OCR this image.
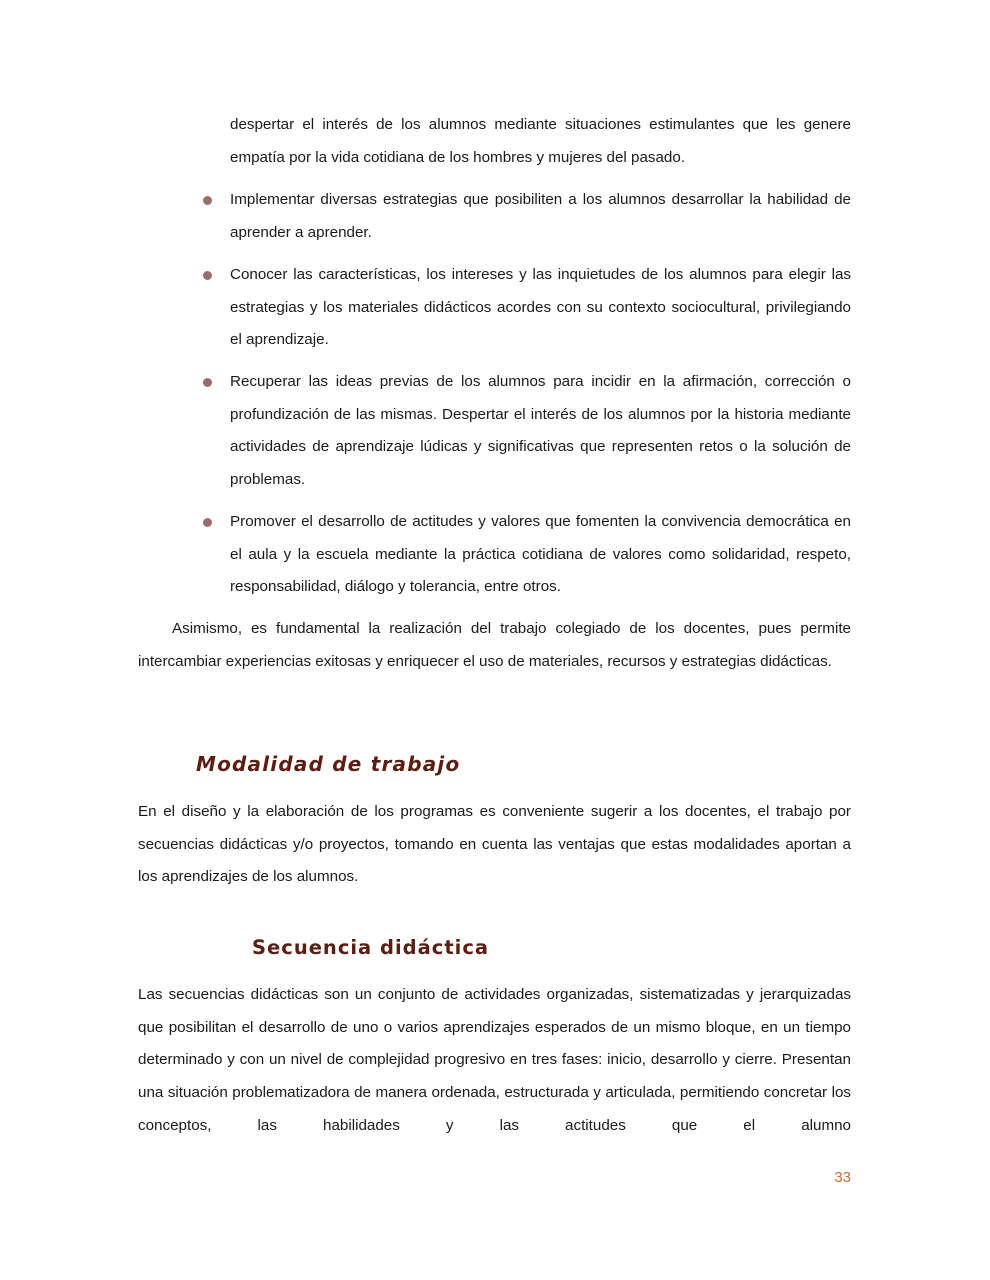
despertar el interés de los alumnos mediante situaciones estimulantes que les genere empatía por la vida cotidiana de los hombres y mujeres del pasado.

Implementar diversas estrategias que posibiliten a los alumnos desarrollar la habilidad de aprender a aprender.
Conocer las características, los intereses y las inquietudes de los alumnos para elegir las estrategias y los materiales didácticos acordes con su contexto sociocultural, privilegiando el aprendizaje.
Recuperar las ideas previas de los alumnos para incidir en la afirmación, corrección o profundización de las mismas. Despertar el interés de los alumnos por la historia mediante actividades de aprendizaje lúdicas y significativas que representen retos o la solución de problemas.
Promover el desarrollo de actitudes y valores que fomenten la convivencia democrática en el aula y la escuela mediante la práctica cotidiana de valores como solidaridad, respeto, responsabilidad, diálogo y tolerancia, entre otros.

Asimismo, es fundamental la realización del trabajo colegiado de los docentes, pues permite intercambiar experiencias exitosas y enriquecer el uso de materiales, recursos y estrategias didácticas.

Modalidad de trabajo

En el diseño y la elaboración de los programas es conveniente sugerir a los docentes, el trabajo por secuencias didácticas y/o proyectos, tomando en cuenta las ventajas que estas modalidades aportan a los aprendizajes de los alumnos.

Secuencia didáctica

Las secuencias didácticas son un conjunto de actividades organizadas, sistematizadas y jerarquizadas que posibilitan el desarrollo de uno o varios aprendizajes esperados de un mismo bloque, en un tiempo determinado y con un nivel de complejidad progresivo en tres fases: inicio, desarrollo y cierre. Presentan una situación problematizadora de manera ordenada, estructurada y articulada, permitiendo concretar los conceptos, las habilidades y las actitudes que el alumno

33
